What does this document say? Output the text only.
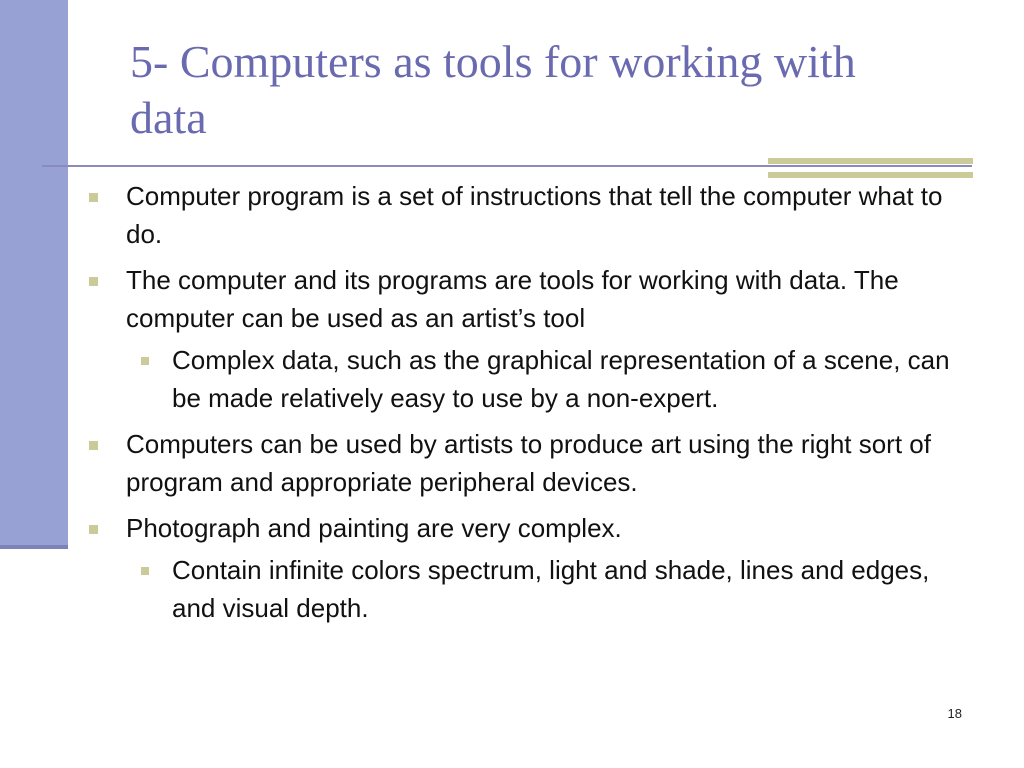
5- Computers as tools for working with data
Computer program is a set of instructions that tell the computer what to do.
The computer and its programs are tools for working with data. The computer can be used as an artist’s tool
Complex data, such as the graphical representation of a scene, can be made relatively easy to use by a non-expert.
Computers can be used by artists to produce art using the right sort of program and appropriate peripheral devices.
Photograph and painting are very complex.
Contain infinite colors spectrum, light and shade, lines and edges, and visual depth.
18
